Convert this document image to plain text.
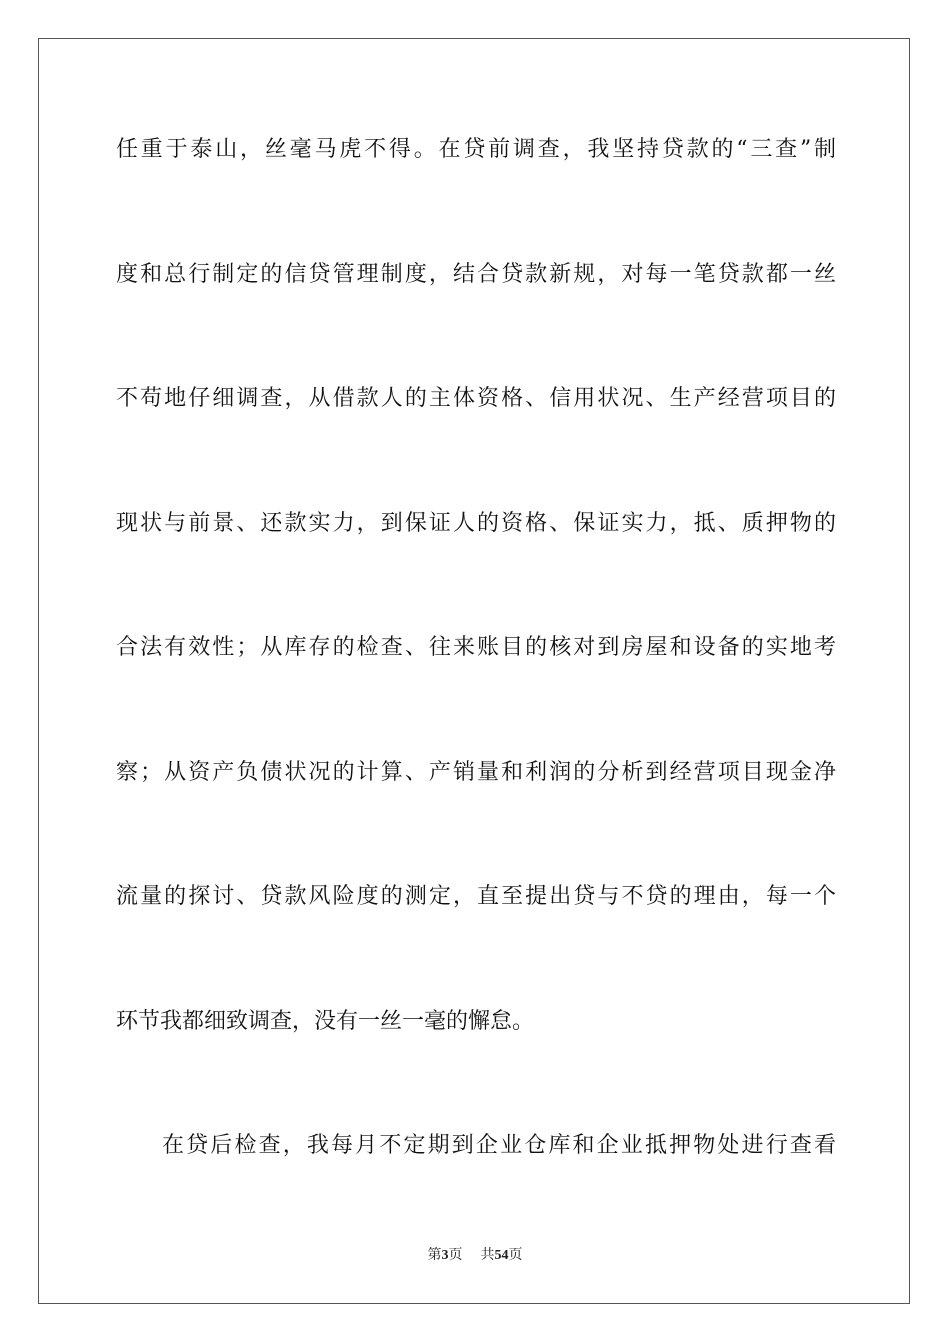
任重于泰山，丝毫马虎不得。在贷前调查，我坚持贷款的“三查”制
度和总行制定的信贷管理制度，结合贷款新规，对每一笔贷款都一丝
不苟地仔细调查，从借款人的主体资格、信用状况、生产经营项目的
现状与前景、还款实力，到保证人的资格、保证实力，抵、质押物的
合法有效性；从库存的检查、往来账目的核对到房屋和设备的实地考
察；从资产负债状况的计算、产销量和利润的分析到经营项目现金净
流量的探讨、贷款风险度的测定，直至提出贷与不贷的理由，每一个
环节我都细致调查，没有一丝一毫的懈怠。
在贷后检查，我每月不定期到企业仓库和企业抵押物处进行查看
第3页 共54页
